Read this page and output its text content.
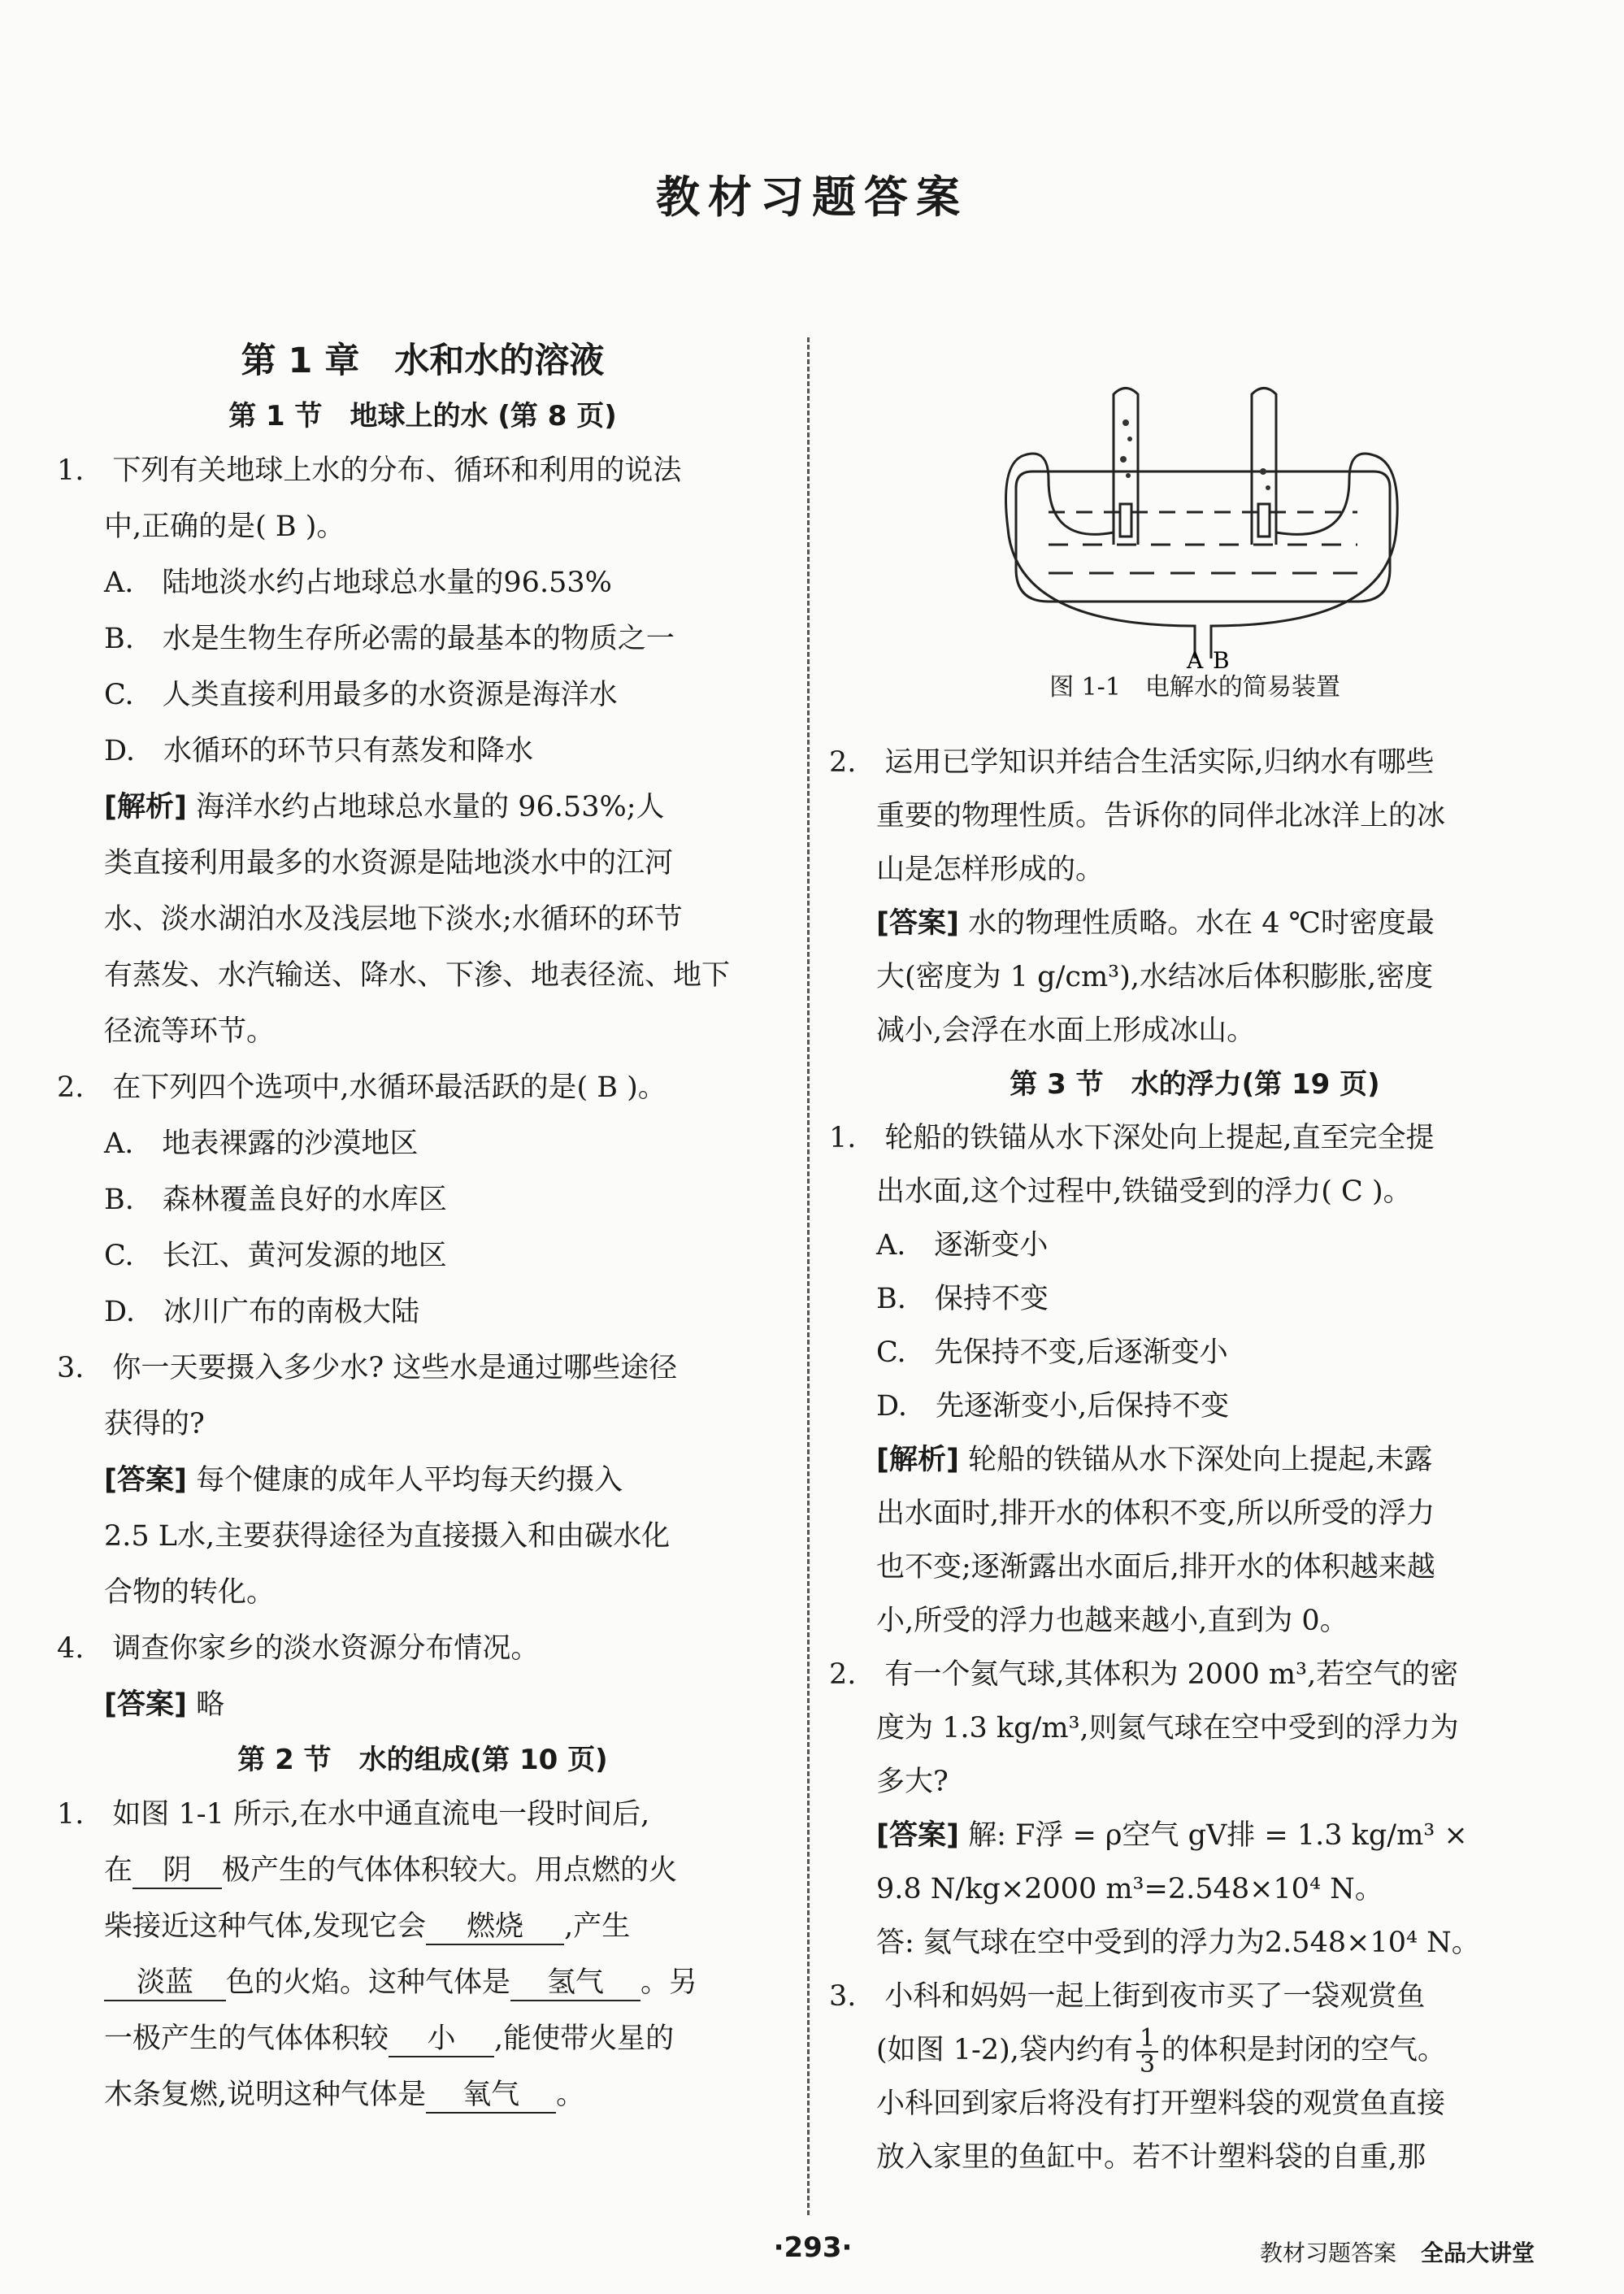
教材习题答案
第 1 章　水和水的溶液
第 1 节　地球上的水 (第 8 页)
1.　下列有关地球上水的分布、循环和利用的说法
中,正确的是( B )。
A.　陆地淡水约占地球总水量的96.53%
B.　水是生物生存所必需的最基本的物质之一
C.　人类直接利用最多的水资源是海洋水
D.　水循环的环节只有蒸发和降水
[解析] 海洋水约占地球总水量的 96.53%;人
类直接利用最多的水资源是陆地淡水中的江河
水、淡水湖泊水及浅层地下淡水;水循环的环节
有蒸发、水汽输送、降水、下渗、地表径流、地下
径流等环节。
2.　在下列四个选项中,水循环最活跃的是( B )。
A.　地表裸露的沙漠地区
B.　森林覆盖良好的水库区
C.　长江、黄河发源的地区
D.　冰川广布的南极大陆
3.　你一天要摄入多少水? 这些水是通过哪些途径
获得的?
[答案] 每个健康的成年人平均每天约摄入
2.5 L水,主要获得途径为直接摄入和由碳水化
合物的转化。
4.　调查你家乡的淡水资源分布情况。
[答案] 略
第 2 节　水的组成(第 10 页)
1.　如图 1-1 所示,在水中通直流电一段时间后,
在 阴 极产生的气体体积较大。用点燃的火
柴接近这种气体,发现它会 燃烧 ,产生
淡蓝 色的火焰。这种气体是 氢气 。另
一极产生的气体体积较 小 ,能使带火星的
木条复燃,说明这种气体是 氧气 。
A B
图 1-1　电解水的简易装置
2.　运用已学知识并结合生活实际,归纳水有哪些
重要的物理性质。告诉你的同伴北冰洋上的冰
山是怎样形成的。
[答案] 水的物理性质略。水在 4 ℃时密度最
大(密度为 1 g/cm³),水结冰后体积膨胀,密度
减小,会浮在水面上形成冰山。
第 3 节　水的浮力(第 19 页)
1.　轮船的铁锚从水下深处向上提起,直至完全提
出水面,这个过程中,铁锚受到的浮力( C )。
A.　逐渐变小
B.　保持不变
C.　先保持不变,后逐渐变小
D.　先逐渐变小,后保持不变
[解析] 轮船的铁锚从水下深处向上提起,未露
出水面时,排开水的体积不变,所以所受的浮力
也不变;逐渐露出水面后,排开水的体积越来越
小,所受的浮力也越来越小,直到为 0。
2.　有一个氦气球,其体积为 2000 m³,若空气的密
度为 1.3 kg/m³,则氦气球在空中受到的浮力为
多大?
[答案] 解: F浮 = ρ空气 gV排 = 1.3 kg/m³ ×
9.8 N/kg×2000 m³=2.548×10⁴ N。
答: 氦气球在空中受到的浮力为2.548×10⁴ N。
3.　小科和妈妈一起上街到夜市买了一袋观赏鱼
(如图 1-2),袋内约有 $\frac{1}{3}$ 的体积是封闭的空气。
小科回到家后将没有打开塑料袋的观赏鱼直接
放入家里的鱼缸中。若不计塑料袋的自重,那
·293·	教材习题答案 全品大讲堂
